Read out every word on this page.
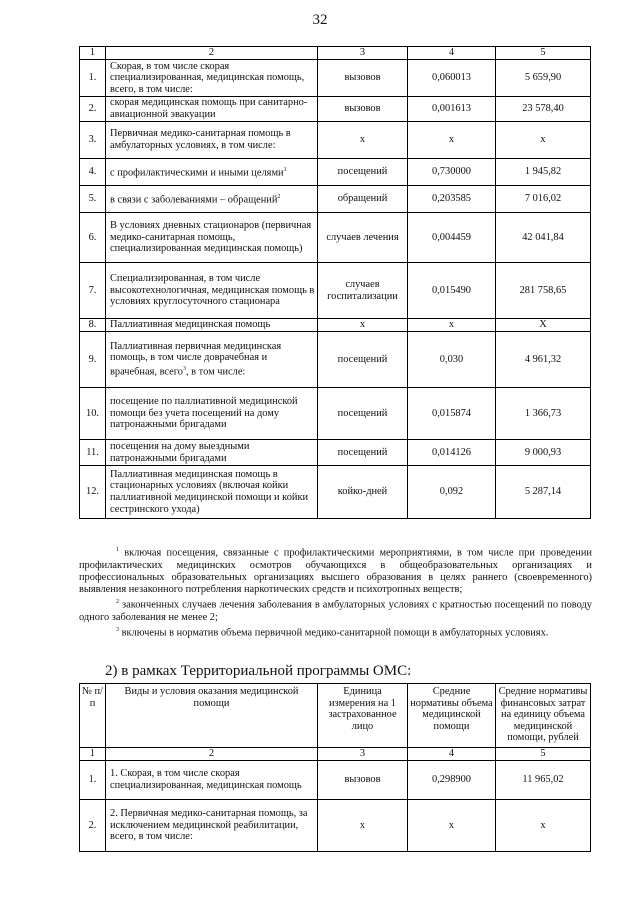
32
1	2	3	4	5
1.	Скорая, в том числе скорая специализированная, медицинская помощь, всего, в том числе:	вызовов	0,060013	5 659,90
2.	скорая медицинская помощь при санитарно-авиационной эвакуации	вызовов	0,001613	23 578,40
3.	Первичная медико-санитарная помощь в амбулаторных условиях, в том числе:	х	х	х
4.	с профилактическими и иными целями$^1$	посещений	0,730000	1 945,82
5.	в связи с заболеваниями – обращений$^2$	обращений	0,203585	7 016,02
6.	В условиях дневных стационаров (первичная медико-санитарная помощь, специализированная медицинская помощь)	случаев лечения	0,004459	42 041,84
7.	Специализированная, в том числе высокотехнологичная, медицинская помощь в условиях круглосуточного стационара	случаев госпитализации	0,015490	281 758,65
8.	Паллиативная медицинская помощь	х	х	Х
9.	Паллиативная первичная медицинская помощь, в том числе доврачебная и врачебная, всего$^3$, в том числе:	посещений	0,030	4 961,32
10.	посещение по паллиативной медицинской помощи без учета посещений на дому патронажными бригадами	посещений	0,015874	1 366,73
11.	посещения на дому выездными патронажными бригадами	посещений	0,014126	9 000,93
12.	Паллиативная медицинская помощь в стационарных условиях (включая койки паллиативной медицинской помощи и койки сестринского ухода)	койко-дней	0,092	5 287,14

$^1$ включая посещения, связанные с профилактическими мероприятиями, в том числе при проведении профилактических медицинских осмотров обучающихся в общеобразовательных организациях и профессиональных образовательных организациях высшего образования в целях раннего (своевременного) выявления незаконного потребления наркотических средств и психотропных веществ;

$^2$ законченных случаев лечения заболевания в амбулаторных условиях с кратностью посещений по поводу одного заболевания не менее 2;

$^3$ включены в норматив объема первичной медико-санитарной помощи в амбулаторных условиях.

2) в рамках Территориальной программы ОМС:
№ п/п	Виды и условия оказания медицинской помощи	Единица измерения на 1 застрахованное лицо	Средние нормативы объема медицинской помощи	Средние нормативы финансовых затрат на единицу объема медицинской помощи, рублей
1	2	3	4	5
1.	1. Скорая, в том числе скорая специализированная, медицинская помощь	вызовов	0,298900	11 965,02
2.	2. Первичная медико-санитарная помощь, за исключением медицинской реабилитации, всего, в том числе:	х	х	х
